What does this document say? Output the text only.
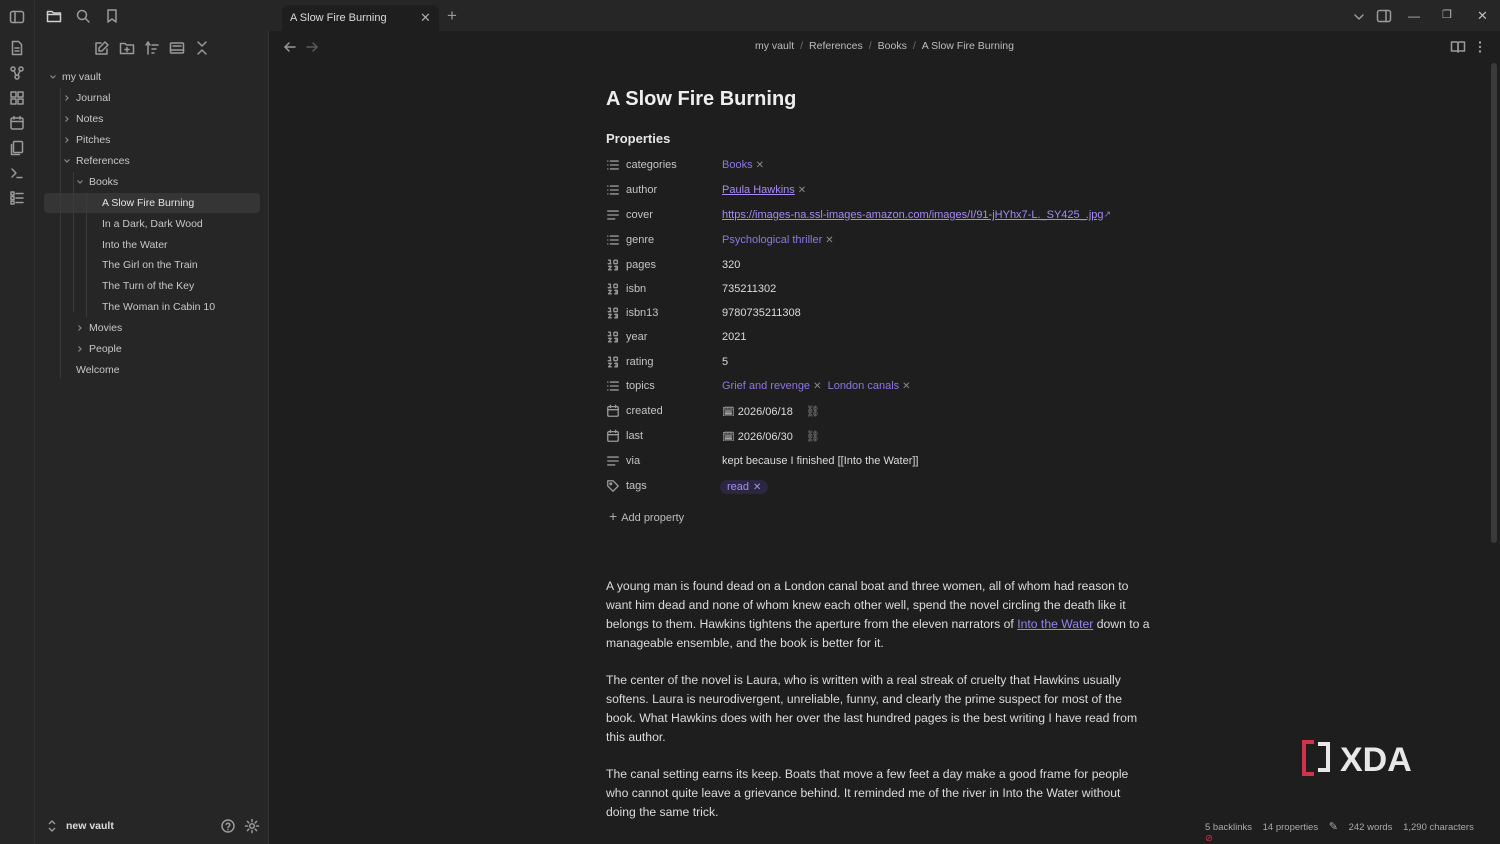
A Slow Fire Burning	✕ +	— ❐ ✕
my vault
Journal
Notes
Pitches
References
Books
A Slow Fire Burning
In a Dark, Dark Wood
Into the Water
The Girl on the Train
The Turn of the Key
The Woman in Cabin 10
Movies
People
Welcome
new vault
my vault / References / Books / A Slow Fire Burning
A Slow Fire Burning
Properties
categories	Books ✕
author	Paula Hawkins ✕
cover	https://images-na.ssl-images-amazon.com/images/I/91-jHYhx7-L._SY425_.jpg↗
genre	Psychological thriller ✕
pages	320
isbn	735211302
isbn13	9780735211308
year	2021
rating	5
topics	Grief and revenge ✕ London canals ✕
created	🗓︎ 2026/06/18 ⛓
last	🗓︎ 2026/06/30 ⛓
via	kept because I finished [[Into the Water]]
tags	read ✕
+ Add property

A young man is found dead on a London canal boat and three women, all of whom had reason to want him dead and none of whom knew each other well, spend the novel circling the death like it belongs to them. Hawkins tightens the aperture from the eleven narrators of Into the Water down to a manageable ensemble, and the book is better for it.

The center of the novel is Laura, who is written with a real streak of cruelty that Hawkins usually softens. Laura is neurodivergent, unreliable, funny, and clearly the prime suspect for most of the book. What Hawkins does with her over the last hundred pages is the best writing I have read from this author.

The canal setting earns its keep. Boats that move a few feet a day make a good frame for people who cannot quite leave a grievance behind. It reminded me of the river in Into the Water without doing the same trick.

XDA
5 backlinks 14 properties ✎ 242 words 1,290 characters ⊘
